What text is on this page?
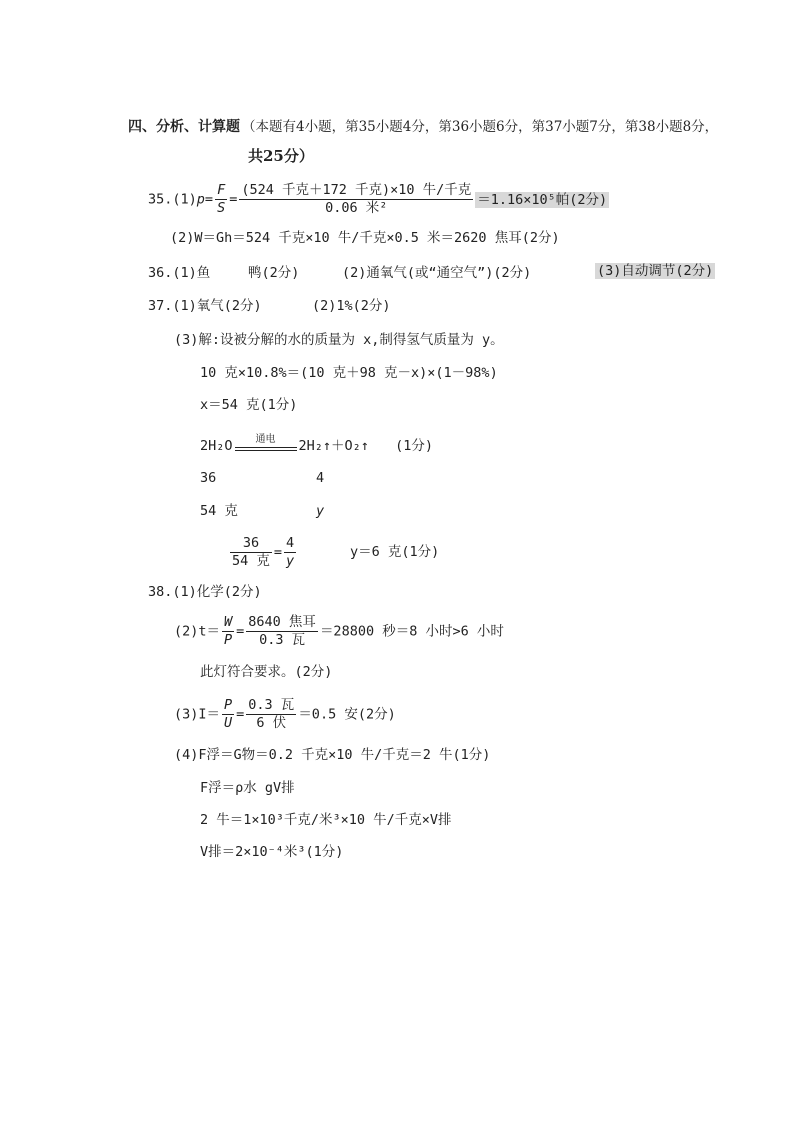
四、分析、计算题 （本题有4小题，第35小题4分，第36小题6分，第37小题7分，第38小题8分，
共25分）
$35.(1)p= \frac{F}{S} = \frac{\text{(524 千克＋172 千克)×10 牛/千克}}{\text{0.06 米²}} =1.16\times 10^5$帕(2分)
(2)W＝Gh＝524 千克×10 牛/千克×0.5 米＝2620 焦耳(2分)
36.(1)鱼	鸭(2分)	(2)通氧气(或“通空气”)(2分)	(3)自动调节(2分)
37.(1)氧气(2分)	(2)1%(2分)
(3)解:设被分解的水的质量为 x,制得氢气质量为 y。
10 克×10.8%＝(10 克＋98 克－x)×(1－98%)
x＝54 克(1分)
2H₂O	通电	2H₂↑＋O₂↑ (1分)
36	4
54 克	y
$\frac{36}{\text{54 克}} = \frac{4}{y}$	y＝6 克(1分)
38.(1)化学(2分)
$(2)t= \frac{W}{P} = \frac{\text{8640 焦耳}}{\text{0.3 瓦}} =28800$ 秒＝8 小时>6 小时
此灯符合要求。(2分)
$(3)I= \frac{P}{U} = \frac{\text{0.3 瓦}}{\text{6 伏}} =0.5$ 安(2分)
(4)F浮＝G物＝0.2 千克×10 牛/千克＝2 牛(1分)
F浮＝ρ水 gV排
2 牛＝1×10³千克/米³×10 牛/千克×V排
V排＝2×10⁻⁴米³(1分)
